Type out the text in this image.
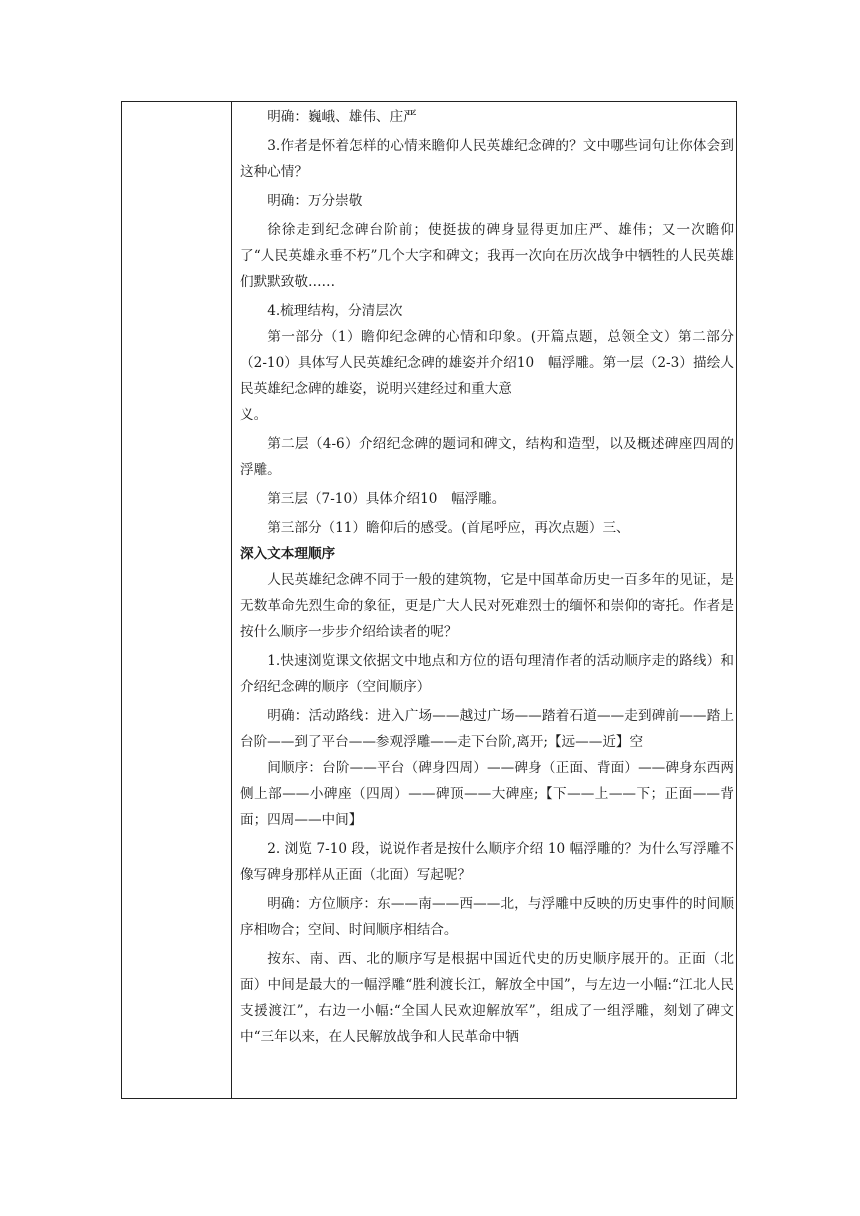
明确：巍峨、雄伟、庄严

3.作者是怀着怎样的心情来瞻仰人民英雄纪念碑的？文中哪些词句让你体会到这种心情？

明确：万分崇敬

徐徐走到纪念碑台阶前；使挺拔的碑身显得更加庄严、雄伟；又一次瞻仰了“人民英雄永垂不朽”几个大字和碑文；我再一次向在历次战争中牺牲的人民英雄们默默致敬……

4.梳理结构，分清层次

第一部分（1）瞻仰纪念碑的心情和印象。(开篇点题，总领全文）第二部分（2-10）具体写人民英雄纪念碑的雄姿并介绍10　幅浮雕。第一层（2-3）描绘人民英雄纪念碑的雄姿，说明兴建经过和重大意

义。

第二层（4-6）介绍纪念碑的题词和碑文，结构和造型，以及概述碑座四周的浮雕。

第三层（7-10）具体介绍10　幅浮雕。

第三部分（11）瞻仰后的感受。(首尾呼应，再次点题）三、

深入文本理顺序

人民英雄纪念碑不同于一般的建筑物，它是中国革命历史一百多年的见证，是无数革命先烈生命的象征，更是广大人民对死难烈士的缅怀和崇仰的寄托。作者是按什么顺序一步步介绍给读者的呢？

1.快速浏览课文依据文中地点和方位的语句理清作者的活动顺序走的路线）和介绍纪念碑的顺序（空间顺序）

明确：活动路线：进入广场——越过广场——踏着石道——走到碑前——踏上台阶——到了平台——参观浮雕——走下台阶,离开;【远——近】空

间顺序：台阶——平台（碑身四周）——碑身（正面、背面）——碑身东西两侧上部——小碑座（四周）——碑顶——大碑座;【下——上——下；正面——背面；四周——中间】

2. 浏览 7-10 段，说说作者是按什么顺序介绍 10 幅浮雕的？为什么写浮雕不像写碑身那样从正面（北面）写起呢？

明确：方位顺序：东——南——西——北，与浮雕中反映的历史事件的时间顺序相吻合；空间、时间顺序相结合。

按东、南、西、北的顺序写是根据中国近代史的历史顺序展开的。正面（北面）中间是最大的一幅浮雕“胜利渡长江，解放全中国”，与左边一小幅:“江北人民支援渡江”，右边一小幅:“全国人民欢迎解放军”，组成了一组浮雕，刻划了碑文中“三年以来，在人民解放战争和人民革命中牺
